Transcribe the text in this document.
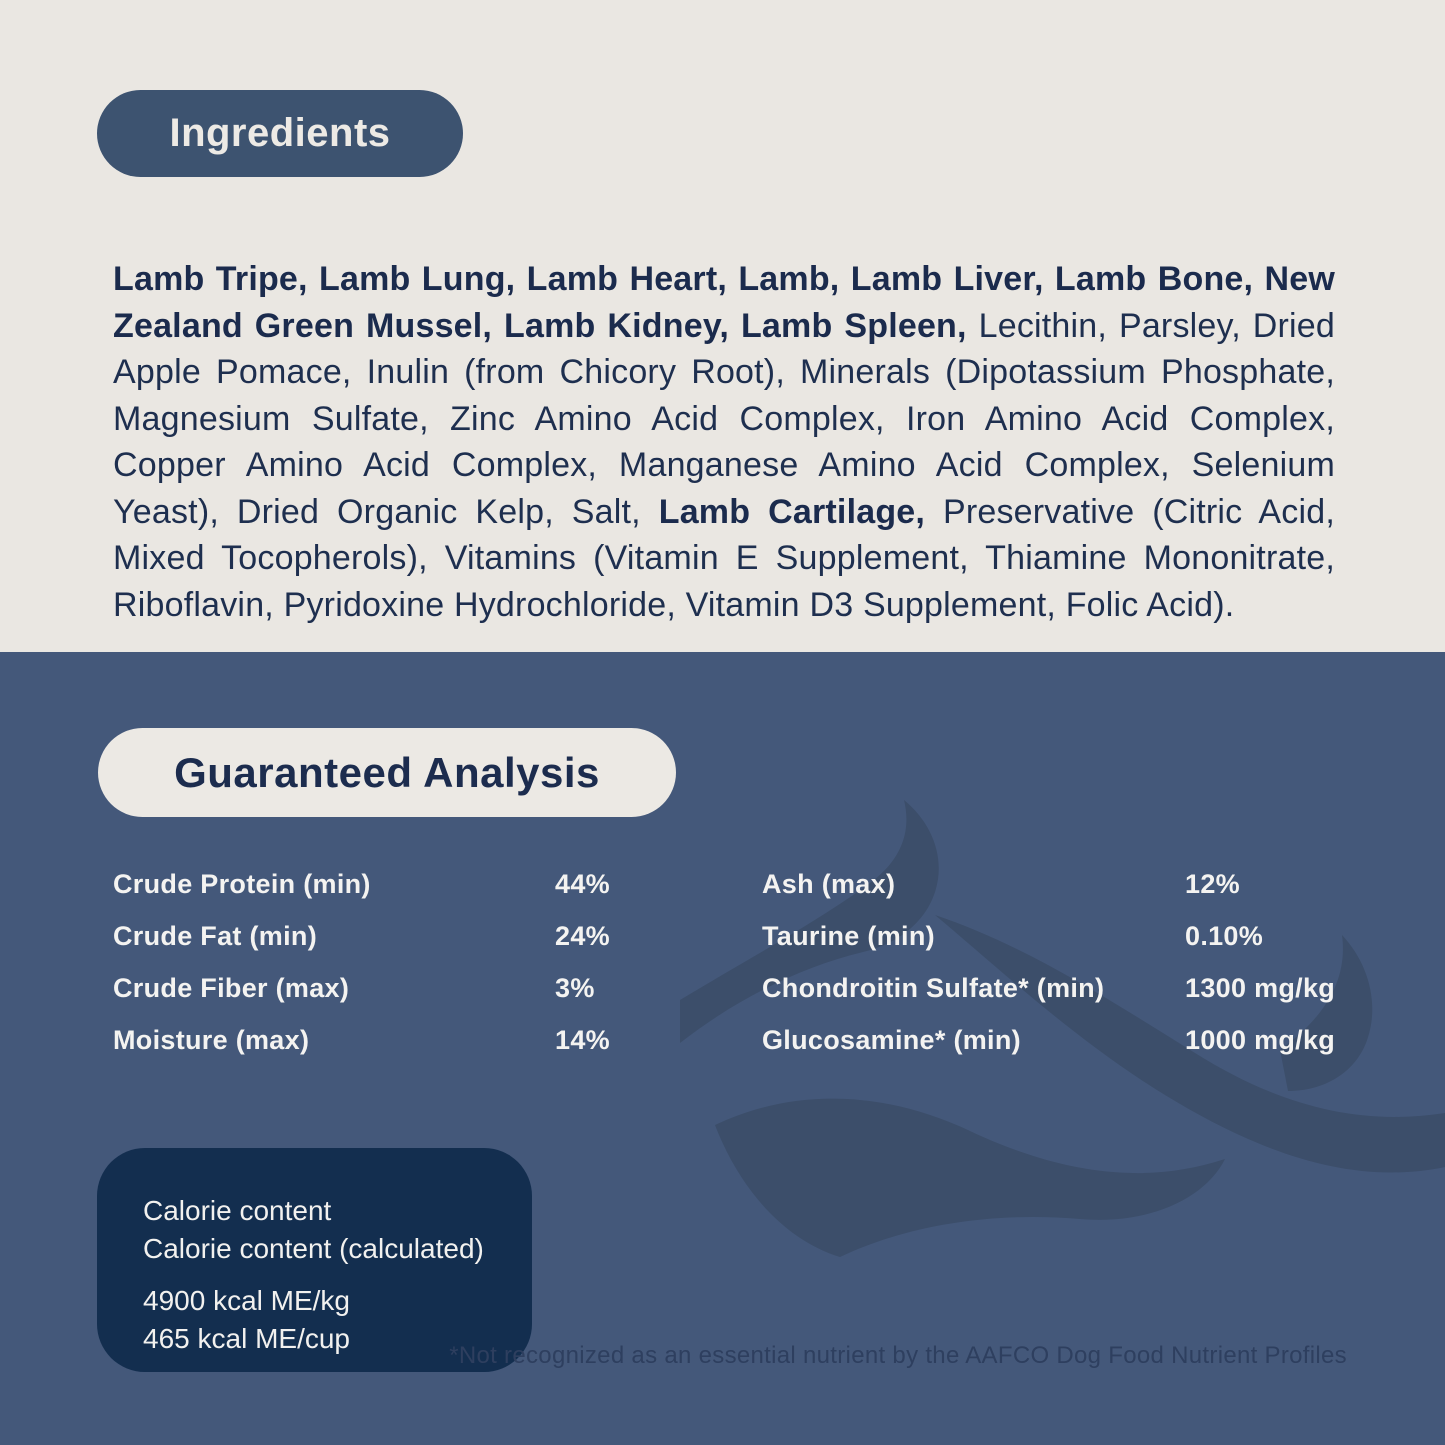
Ingredients

Lamb Tripe, Lamb Lung, Lamb Heart, Lamb, Lamb Liver, Lamb Bone, New Zealand Green Mussel, Lamb Kidney, Lamb Spleen, Lecithin, Parsley, Dried Apple Pomace, Inulin (from Chicory Root), Minerals (Dipotassium Phosphate, Magnesium Sulfate, Zinc Amino Acid Complex, Iron Amino Acid Complex, Copper Amino Acid Complex, Manganese Amino Acid Complex, Selenium Yeast), Dried Organic Kelp, Salt, Lamb Cartilage, Preservative (Citric Acid, Mixed Tocopherols), Vitamins (Vitamin E Supplement, Thiamine Mononitrate, Riboflavin, Pyridoxine Hydrochloride, Vitamin D3 Supplement, Folic Acid).

Guaranteed Analysis
Crude Protein (min)	44%	Ash (max)	12%
Crude Fat (min)	24%	Taurine (min)	0.10%
Crude Fiber (max)	3%	Chondroitin Sulfate* (min)	1300 mg/kg
Moisture (max)	14%	Glucosamine* (min)	1000 mg/kg
Calorie content
Calorie content (calculated)
4900 kcal ME/kg
465 kcal ME/cup
*Not recognized as an essential nutrient by the AAFCO Dog Food Nutrient Profiles
